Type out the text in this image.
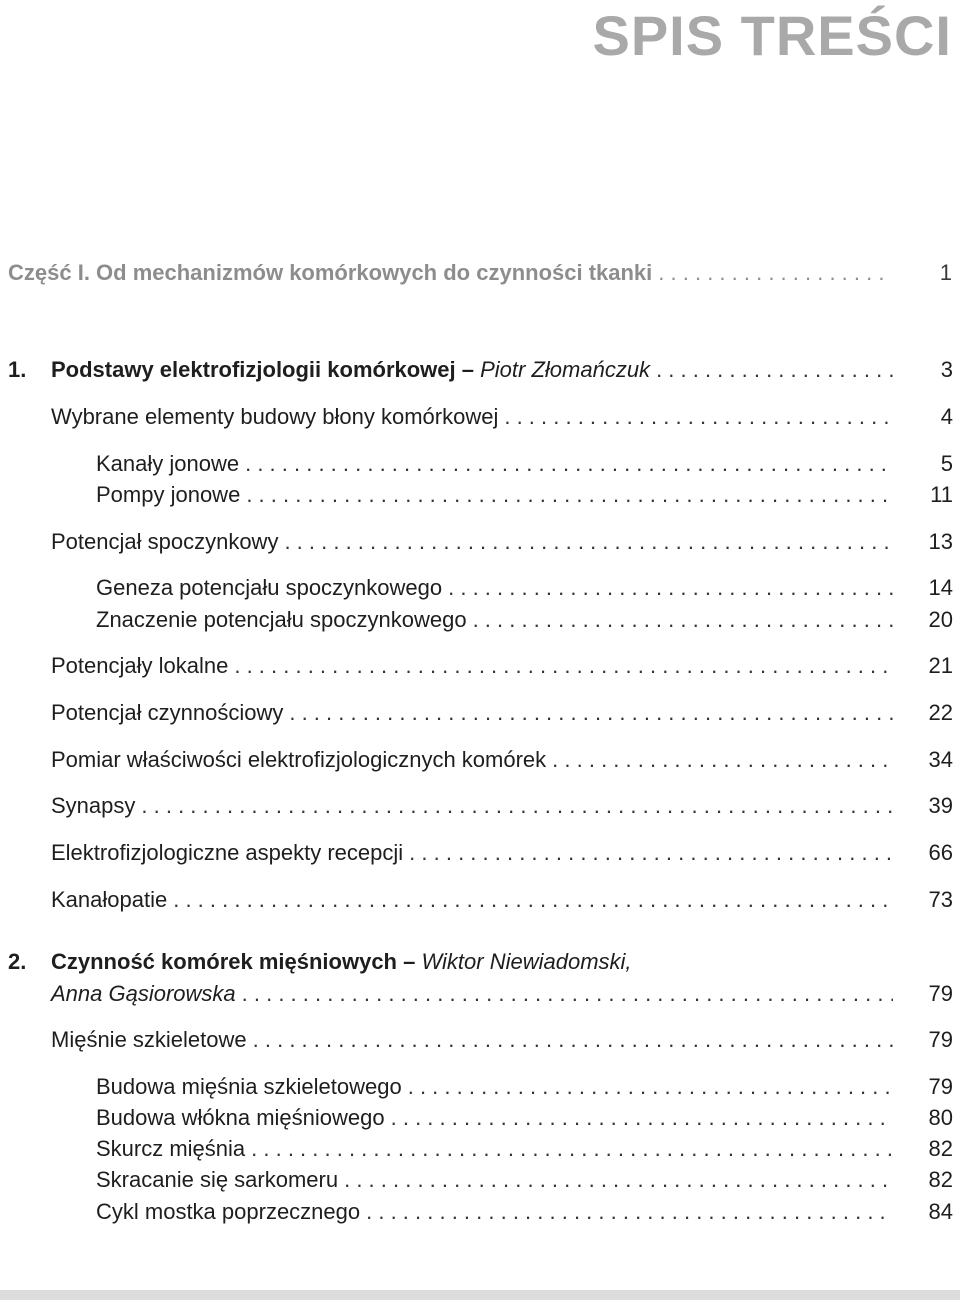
SPIS TREŚCI
Część I. Od mechanizmów komórkowych do czynności tkanki . . .	1
1.	Podstawy elektrofizjologii komórkowej – Piotr Złomańczuk . . .	3
Wybrane elementy budowy błony komórkowej . . .	4
Kanały jonowe . . .	5
Pompy jonowe . . .	11
Potencjał spoczynkowy . . .	13
Geneza potencjału spoczynkowego . . .	14
Znaczenie potencjału spoczynkowego . . .	20
Potencjały lokalne . . .	21
Potencjał czynnościowy . . .	22
Pomiar właściwości elektrofizjologicznych komórek . . .	34
Synapsy . . .	39
Elektrofizjologiczne aspekty recepcji . . .	66
Kanałopatie . . .	73
2.	Czynność komórek mięśniowych – Wiktor Niewiadomski,
Anna Gąsiorowska . . .	79
Mięśnie szkieletowe . . .	79
Budowa mięśnia szkieletowego . . .	79
Budowa włókna mięśniowego . . .	80
Skurcz mięśnia . . .	82
Skracanie się sarkomeru . . .	82
Cykl mostka poprzecznego . . .	84
